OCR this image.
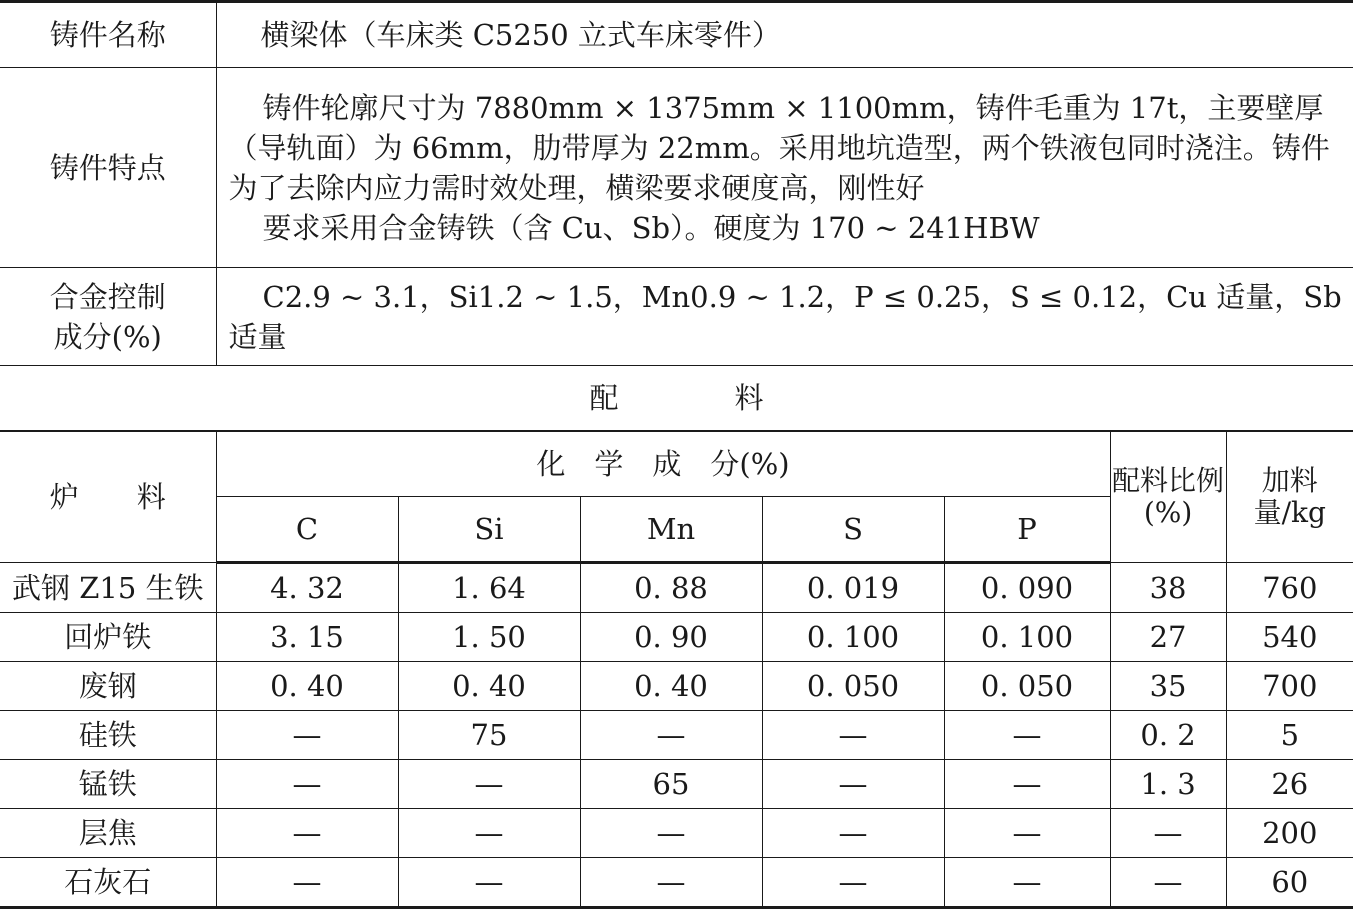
铸件名称	横梁体（车床类 C5250 立式车床零件）
铸件特点	铸件轮廓尺寸为 7880mm × 1375mm × 1100mm，铸件毛重为 17t，主要壁厚（导轨面）为 66mm，肋带厚为 22mm。采用地坑造型，两个铁液包同时浇注。铸件为了去除内应力需时效处理，横梁要求硬度高，刚性好
要求采用合金铸铁（含 Cu、Sb）。硬度为 170 ~ 241HBW

合金控制
成分(%)	C2.9 ~ 3.1，Si1.2 ~ 1.5，Mn0.9 ~ 1.2，P ≤ 0.25，S ≤ 0.12，Cu 适量，Sb 适量
配　　　　料	
炉　　料	化　学　成　分(%)					配料比例(%)	加料量/kg
	C	Si	Mn	S	P		
武钢 Z15 生铁	4. 32	1. 64	0. 88	0. 019	0. 090	38	760
回炉铁	3. 15	1. 50	0. 90	0. 100	0. 100	27	540
废钢	0. 40	0. 40	0. 40	0. 050	0. 050	35	700
硅铁	—	75	—	—	—	0. 2	5
锰铁	—	—	65	—	—	1. 3	26
层焦	—	—	—	—	—	—	200
石灰石	—	—	—	—	—	—	60
